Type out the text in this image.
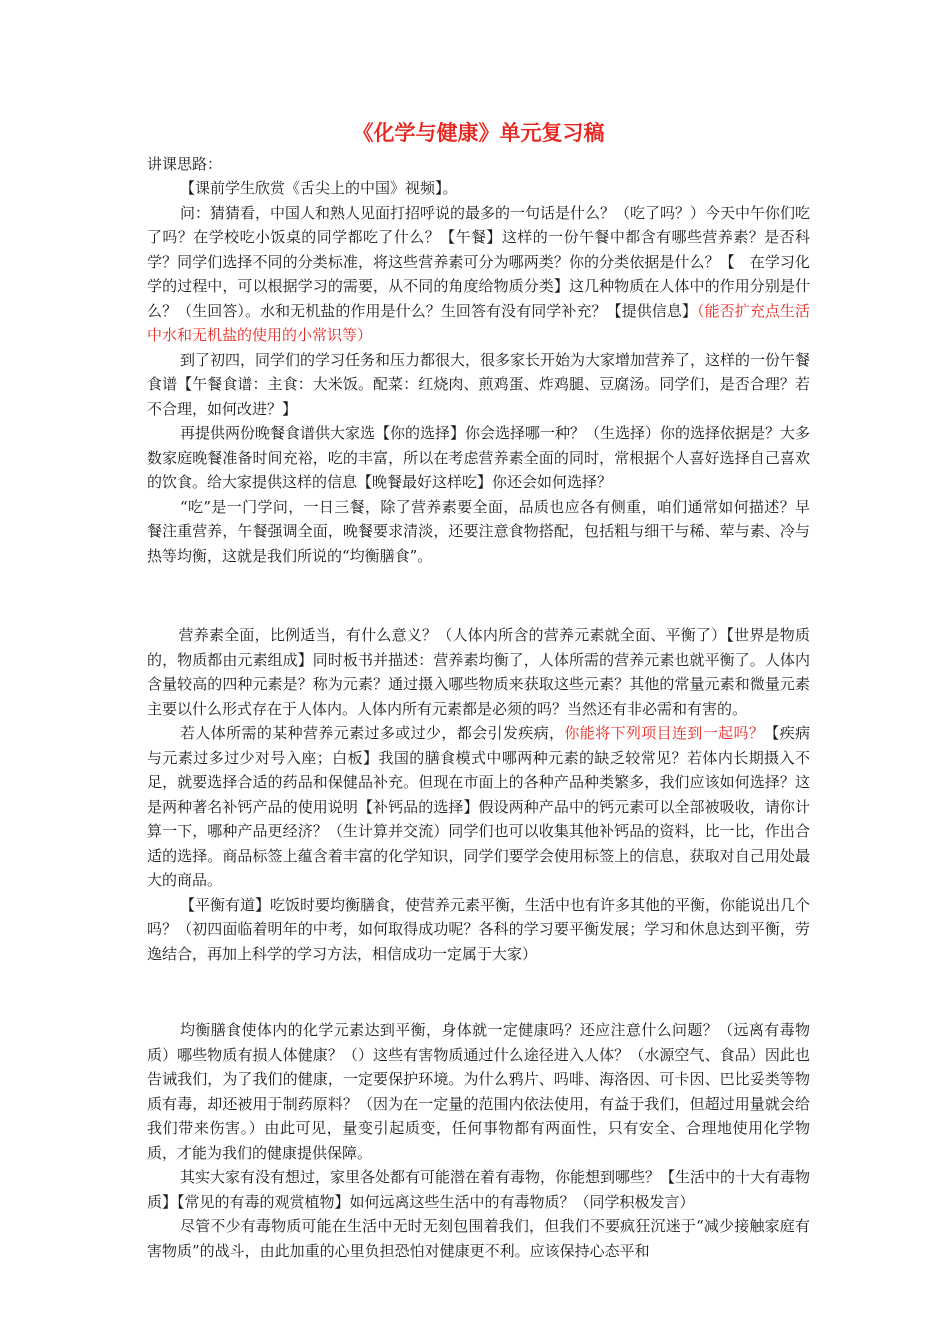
《化学与健康》单元复习稿

讲课思路：

【课前学生欣赏《舌尖上的中国》视频】。

问：猜猜看，中国人和熟人见面打招呼说的最多的一句话是什么？（吃了吗？）今天中午你们吃了吗？在学校吃小饭桌的同学都吃了什么？【午餐】这样的一份午餐中都含有哪些营养素？是否科学？同学们选择不同的分类标准，将这些营养素可分为哪两类？你的分类依据是什么？【　在学习化学的过程中，可以根据学习的需要，从不同的角度给物质分类】这几种物质在人体中的作用分别是什么？（生回答）。水和无机盐的作用是什么？生回答有没有同学补充？【提供信息】（能否扩充点生活中水和无机盐的使用的小常识等）

到了初四，同学们的学习任务和压力都很大，很多家长开始为大家增加营养了，这样的一份午餐食谱【午餐食谱：主食：大米饭。配菜：红烧肉、煎鸡蛋、炸鸡腿、豆腐汤。同学们，是否合理？若不合理，如何改进？】

再提供两份晚餐食谱供大家选【你的选择】你会选择哪一种？（生选择）你的选择依据是？大多数家庭晚餐准备时间充裕，吃的丰富，所以在考虑营养素全面的同时，常根据个人喜好选择自己喜欢的饮食。给大家提供这样的信息【晚餐最好这样吃】你还会如何选择？

“吃”是一门学问，一日三餐，除了营养素要全面，品质也应各有侧重，咱们通常如何描述？早餐注重营养，午餐强调全面，晚餐要求清淡，还要注意食物搭配，包括粗与细干与稀、荤与素、冷与热等均衡，这就是我们所说的“均衡膳食”。

营养素全面，比例适当，有什么意义？（人体内所含的营养元素就全面、平衡了）【世界是物质的，物质都由元素组成】同时板书并描述：营养素均衡了，人体所需的营养元素也就平衡了。人体内含量较高的四种元素是？称为元素？通过摄入哪些物质来获取这些元素？其他的常量元素和微量元素主要以什么形式存在于人体内。人体内所有元素都是必须的吗？当然还有非必需和有害的。

若人体所需的某种营养元素过多或过少，都会引发疾病，你能将下列项目连到一起吗？【疾病与元素过多过少对号入座；白板】我国的膳食模式中哪两种元素的缺乏较常见？若体内长期摄入不足，就要选择合适的药品和保健品补充。但现在市面上的各种产品种类繁多，我们应该如何选择？这是两种著名补钙产品的使用说明【补钙品的选择】假设两种产品中的钙元素可以全部被吸收，请你计算一下，哪种产品更经济？（生计算并交流）同学们也可以收集其他补钙品的资料，比一比，作出合适的选择。商品标签上蕴含着丰富的化学知识，同学们要学会使用标签上的信息，获取对自己用处最大的商品。

【平衡有道】吃饭时要均衡膳食，使营养元素平衡，生活中也有许多其他的平衡，你能说出几个吗？（初四面临着明年的中考，如何取得成功呢？各科的学习要平衡发展；学习和休息达到平衡，劳逸结合，再加上科学的学习方法，相信成功一定属于大家）

均衡膳食使体内的化学元素达到平衡，身体就一定健康吗？还应注意什么问题？（远离有毒物质）哪些物质有损人体健康？（）这些有害物质通过什么途径进入人体？（水源空气、食品）因此也告诫我们，为了我们的健康，一定要保护环境。为什么鸦片、吗啡、海洛因、可卡因、巴比妥类等物质有毒，却还被用于制药原料？（因为在一定量的范围内依法使用，有益于我们，但超过用量就会给我们带来伤害。）由此可见，量变引起质变，任何事物都有两面性，只有安全、合理地使用化学物质，才能为我们的健康提供保障。

其实大家有没有想过，家里各处都有可能潜在着有毒物，你能想到哪些？【生活中的十大有毒物质】【常见的有毒的观赏植物】如何远离这些生活中的有毒物质？（同学积极发言）

尽管不少有毒物质可能在生活中无时无刻包围着我们，但我们不要疯狂沉迷于“减少接触家庭有害物质”的战斗，由此加重的心里负担恐怕对健康更不利。应该保持心态平和
